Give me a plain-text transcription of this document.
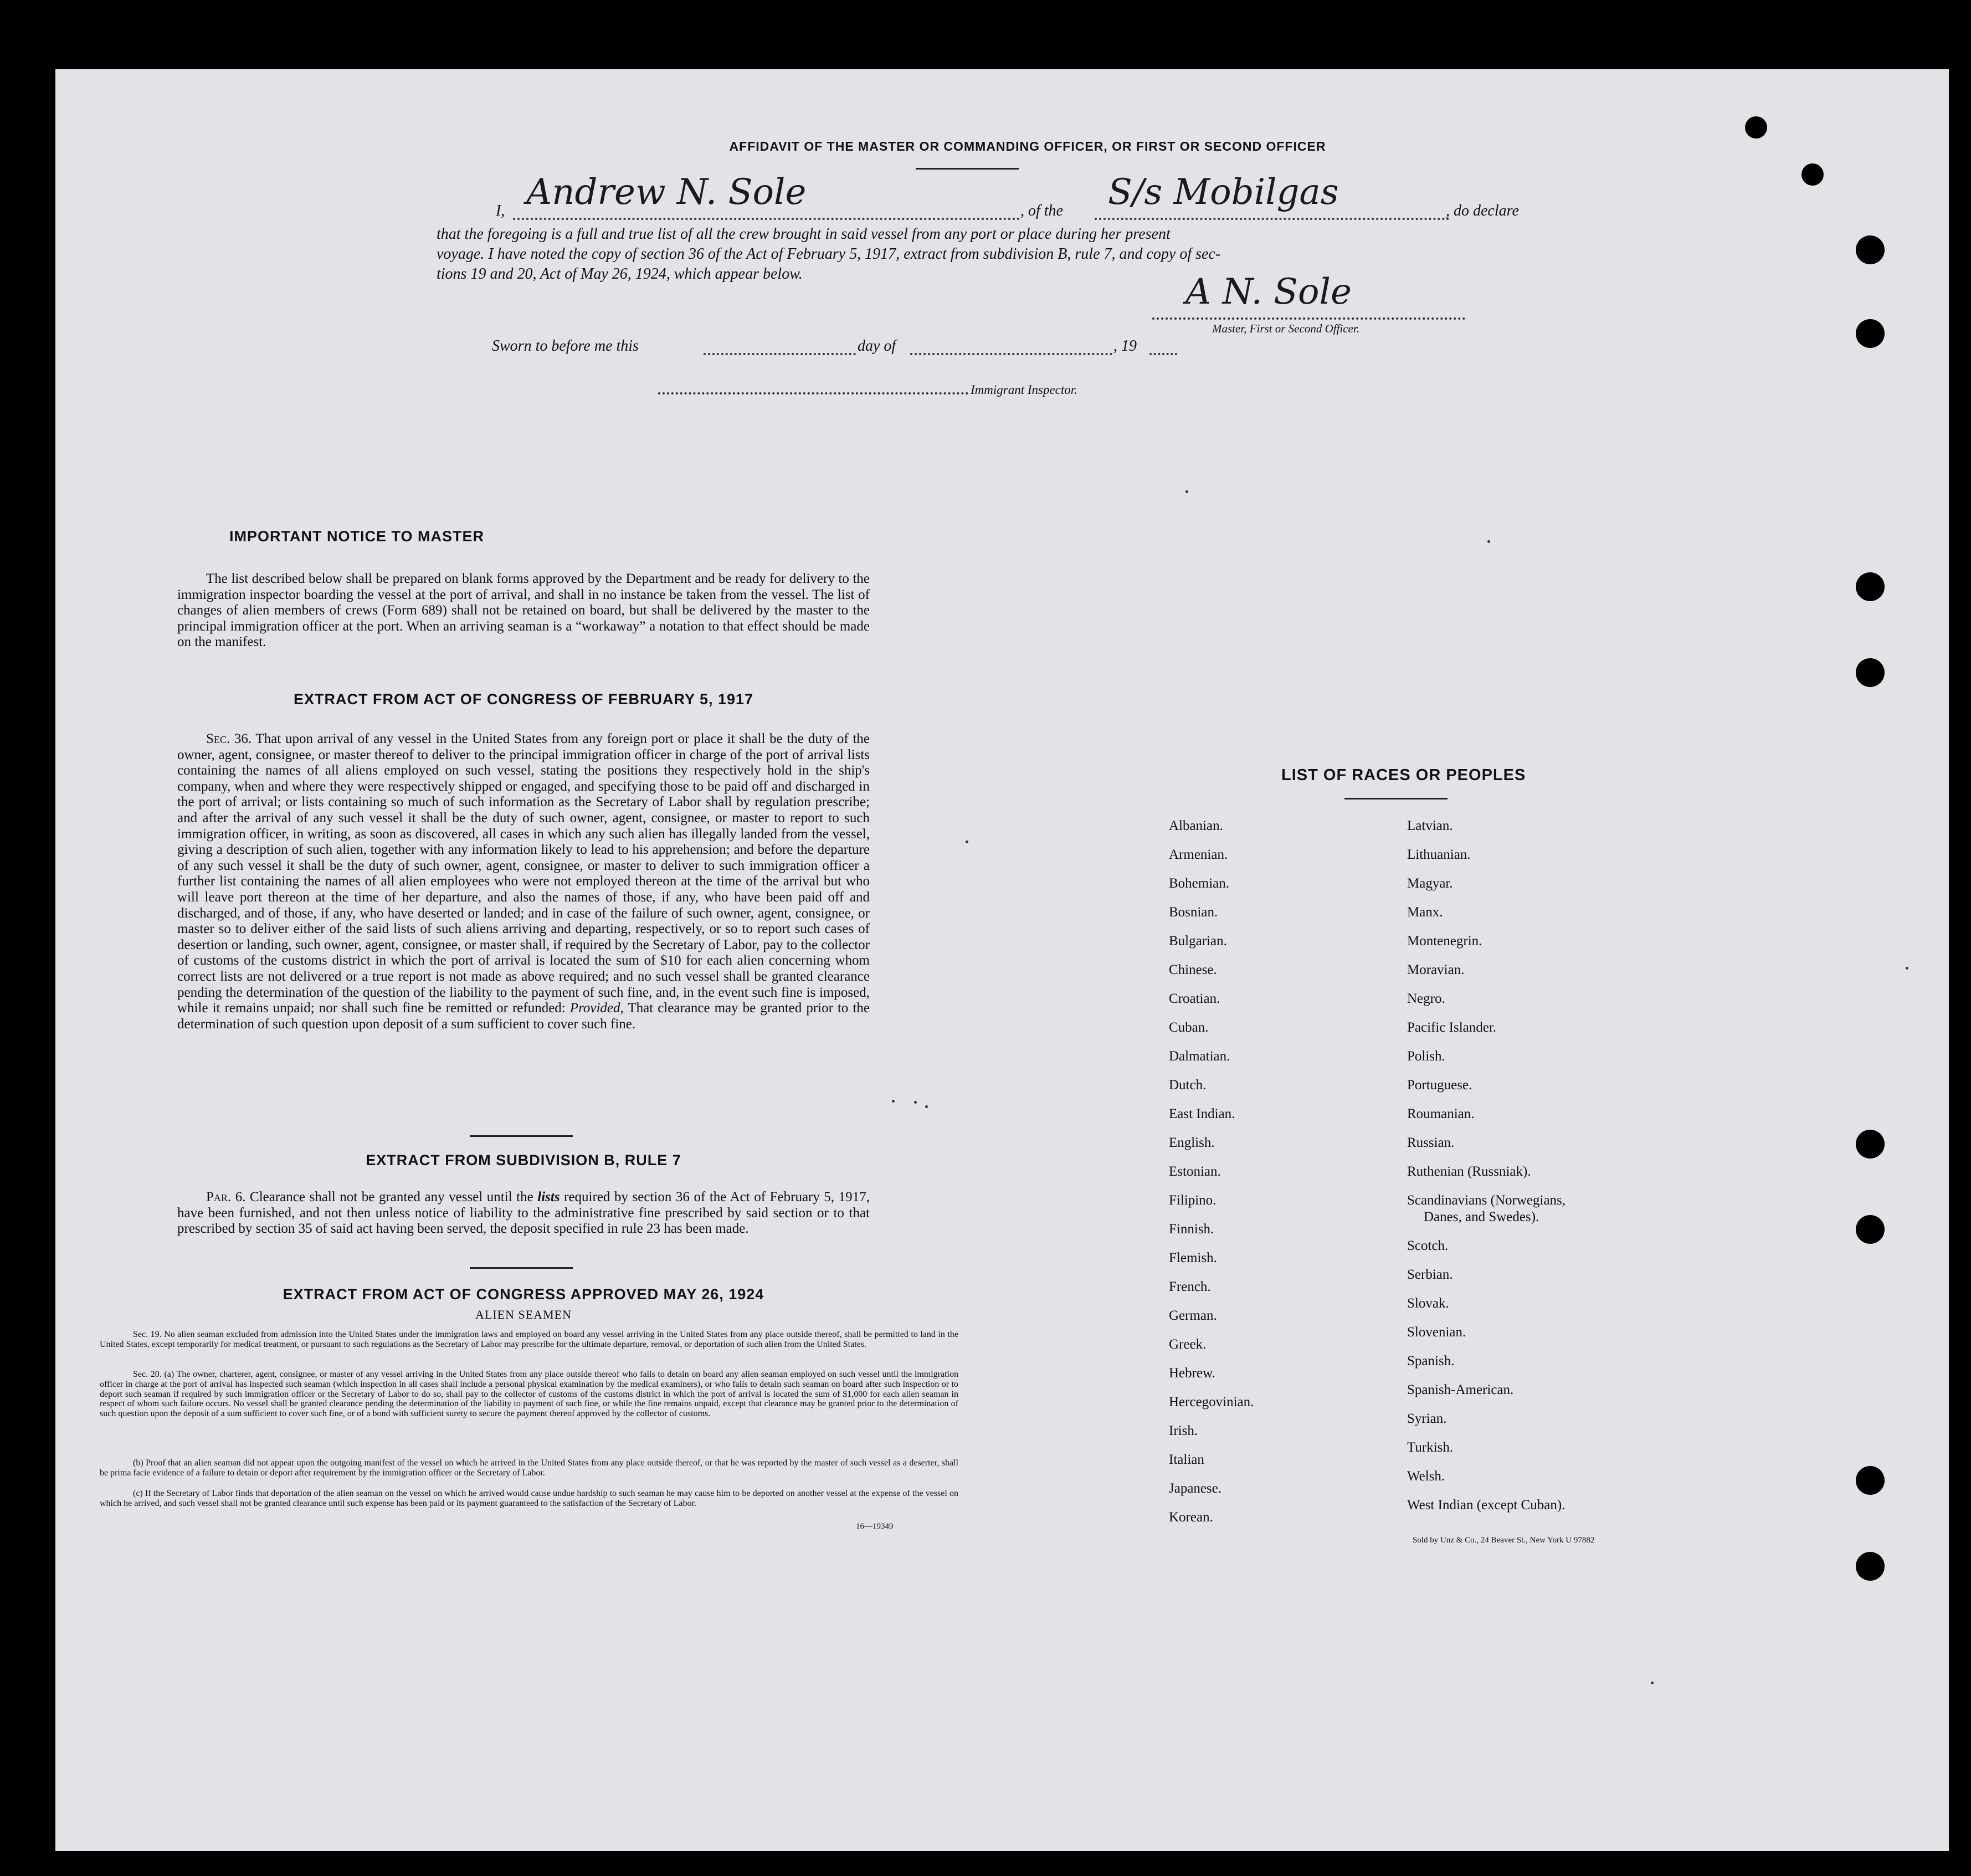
AFFIDAVIT OF THE MASTER OR COMMANDING OFFICER, OR FIRST OR SECOND OFFICER
I, Andrew N. Sole	, of the S/s Mobilgas	, do declare
that the foregoing is a full and true list of all the crew brought in said vessel from any port or place during her present
voyage. I have noted the copy of section 36 of the Act of February 5, 1917, extract from subdivision B, rule 7, and copy of sec-
tions 19 and 20, Act of May 26, 1924, which appear below.	A N. Sole
Master, First or Second Officer.
Sworn to before me this	day of	, 19
Immigrant Inspector.
IMPORTANT NOTICE TO MASTER
The list described below shall be prepared on blank forms approved by the Department and be ready for delivery to the immigration inspector boarding the vessel at the port of arrival, and shall in no instance be taken from the vessel. The list of changes of alien members of crews (Form 689) shall not be retained on board, but shall be delivered by the master to the principal immigration officer at the port. When an arriving seaman is a “workaway” a notation to that effect should be made on the manifest.
EXTRACT FROM ACT OF CONGRESS OF FEBRUARY 5, 1917
Sec. 36. That upon arrival of any vessel in the United States from any foreign port or place it shall be the duty of the owner, agent, consignee, or master thereof to deliver to the principal immigration officer in charge of the port of arrival lists containing the names of all aliens employed on such vessel, stating the positions they respectively hold in the ship's company, when and where they were respectively shipped or engaged, and specifying those to be paid off and discharged in the port of arrival; or lists containing so much of such information as the Secretary of Labor shall by regulation prescribe; and after the arrival of any such vessel it shall be the duty of such owner, agent, consignee, or master to report to such immigration officer, in writing, as soon as discovered, all cases in which any such alien has illegally landed from the vessel, giving a description of such alien, together with any information likely to lead to his apprehension; and before the departure of any such vessel it shall be the duty of such owner, agent, consignee, or master to deliver to such immigration officer a further list containing the names of all alien employees who were not employed thereon at the time of the arrival but who will leave port thereon at the time of her departure, and also the names of those, if any, who have been paid off and discharged, and of those, if any, who have deserted or landed; and in case of the failure of such owner, agent, consignee, or master so to deliver either of the said lists of such aliens arriving and departing, respectively, or so to report such cases of desertion or landing, such owner, agent, consignee, or master shall, if required by the Secretary of Labor, pay to the collector of customs of the customs district in which the port of arrival is located the sum of $10 for each alien concerning whom correct lists are not delivered or a true report is not made as above required; and no such vessel shall be granted clearance pending the determination of the question of the liability to the payment of such fine, and, in the event such fine is imposed, while it remains unpaid; nor shall such fine be remitted or refunded: Provided, That clearance may be granted prior to the determination of such question upon deposit of a sum sufficient to cover such fine.
EXTRACT FROM SUBDIVISION B, RULE 7
Par. 6. Clearance shall not be granted any vessel until the lists required by section 36 of the Act of February 5, 1917, have been furnished, and not then unless notice of liability to the administrative fine prescribed by said section or to that prescribed by section 35 of said act having been served, the deposit specified in rule 23 has been made.
EXTRACT FROM ACT OF CONGRESS APPROVED MAY 26, 1924
ALIEN SEAMEN
Sec. 19. No alien seaman excluded from admission into the United States under the immigration laws and employed on board any vessel arriving in the United States from any place outside thereof, shall be permitted to land in the United States, except temporarily for medical treatment, or pursuant to such regulations as the Secretary of Labor may prescribe for the ultimate departure, removal, or deportation of such alien from the United States.
Sec. 20. (a) The owner, charterer, agent, consignee, or master of any vessel arriving in the United States from any place outside thereof who fails to detain on board any alien seaman employed on such vessel until the immigration officer in charge at the port of arrival has inspected such seaman (which inspection in all cases shall include a personal physical examination by the medical examiners), or who fails to detain such seaman on board after such inspection or to deport such seaman if required by such immigration officer or the Secretary of Labor to do so, shall pay to the collector of customs of the customs district in which the port of arrival is located the sum of $1,000 for each alien seaman in respect of whom such failure occurs. No vessel shall be granted clearance pending the determination of the liability to payment of such fine, or while the fine remains unpaid, except that clearance may be granted prior to the determination of such question upon the deposit of a sum sufficient to cover such fine, or of a bond with sufficient surety to secure the payment thereof approved by the collector of customs.
(b) Proof that an alien seaman did not appear upon the outgoing manifest of the vessel on which he arrived in the United States from any place outside thereof, or that he was reported by the master of such vessel as a deserter, shall be prima facie evidence of a failure to detain or deport after requirement by the immigration officer or the Secretary of Labor.
(c) If the Secretary of Labor finds that deportation of the alien seaman on the vessel on which he arrived would cause undue hardship to such seaman he may cause him to be deported on another vessel at the expense of the vessel on which he arrived, and such vessel shall not be granted clearance until such expense has been paid or its payment guaranteed to the satisfaction of the Secretary of Labor.
16—19349
LIST OF RACES OR PEOPLES
Albanian.
Armenian.
Bohemian.
Bosnian.
Bulgarian.
Chinese.
Croatian.
Cuban.
Dalmatian.
Dutch.
East Indian.
English.
Estonian.
Filipino.
Finnish.
Flemish.
French.
German.
Greek.
Hebrew.
Hercegovinian.
Irish.
Italian
Japanese.
Korean.
Latvian.
Lithuanian.
Magyar.
Manx.
Montenegrin.
Moravian.
Negro.
Pacific Islander.
Polish.
Portuguese.
Roumanian.
Russian.
Ruthenian (Russniak).
Scandinavians (Norwegians,
Danes, and Swedes).
Scotch.
Serbian.
Slovak.
Slovenian.
Spanish.
Spanish-American.
Syrian.
Turkish.
Welsh.
West Indian (except Cuban).
Sold by Unz & Co., 24 Beaver St., New York U 97882
